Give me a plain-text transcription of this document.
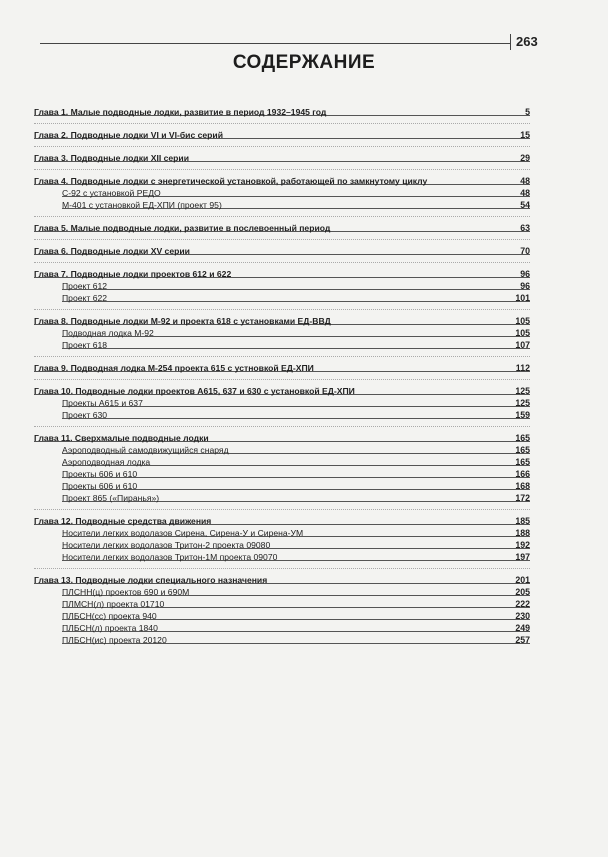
263
СОДЕРЖАНИЕ
Глава 1. Малые подводные лодки, развитие в период 1932–1945 год	5
Глава 2. Подводные лодки VI и VI-бис серий	15
Глава 3. Подводные лодки XII серии	29
Глава 4. Подводные лодки с энергетической установкой, работающей по замкнутому циклу	48
С-92 с установкой РЕДО	48
М-401 с установкой ЕД-ХПИ (проект 95)	54
Глава 5. Малые подводные лодки, развитие в послевоенный период	63
Глава 6. Подводные лодки XV серии	70
Глава 7. Подводные лодки проектов 612 и 622	96
Проект 612	96
Проект 622	101
Глава 8. Подводные лодки М-92 и проекта 618 с установками ЕД-ВВД	105
Подводная лодка М-92	105
Проект 618	107
Глава 9. Подводная лодка М-254 проекта 615 с устновкой ЕД-ХПИ	112
Глава 10. Подводные лодки проектов А615, 637 и 630 с установкой ЕД-ХПИ	125
Проекты А615 и 637	125
Проект 630	159
Глава 11. Сверхмалые подводные лодки	165
Аэроподводный самодвижущийся снаряд	165
Аэроподводная лодка	165
Проекты 606 и 610	166
Проекты 606 и 610	168
Проект 865 («Пиранья»)	172
Глава 12. Подводные средства движения	185
Носители легких водолазов Сирена, Сирена-У и Сирена-УМ	188
Носители легких водолазов Тритон-2 проекта 09080	192
Носители легких водолазов Тритон-1М проекта 09070	197
Глава 13. Подводные лодки специального назначения	201
ПЛСНН(ц) проектов 690 и 690М	205
ПЛМСН(л) проекта 01710	222
ПЛБСН(сс) проекта 940	230
ПЛБСН(л) проекта 1840	249
ПЛБСН(ис) проекта 20120	257
